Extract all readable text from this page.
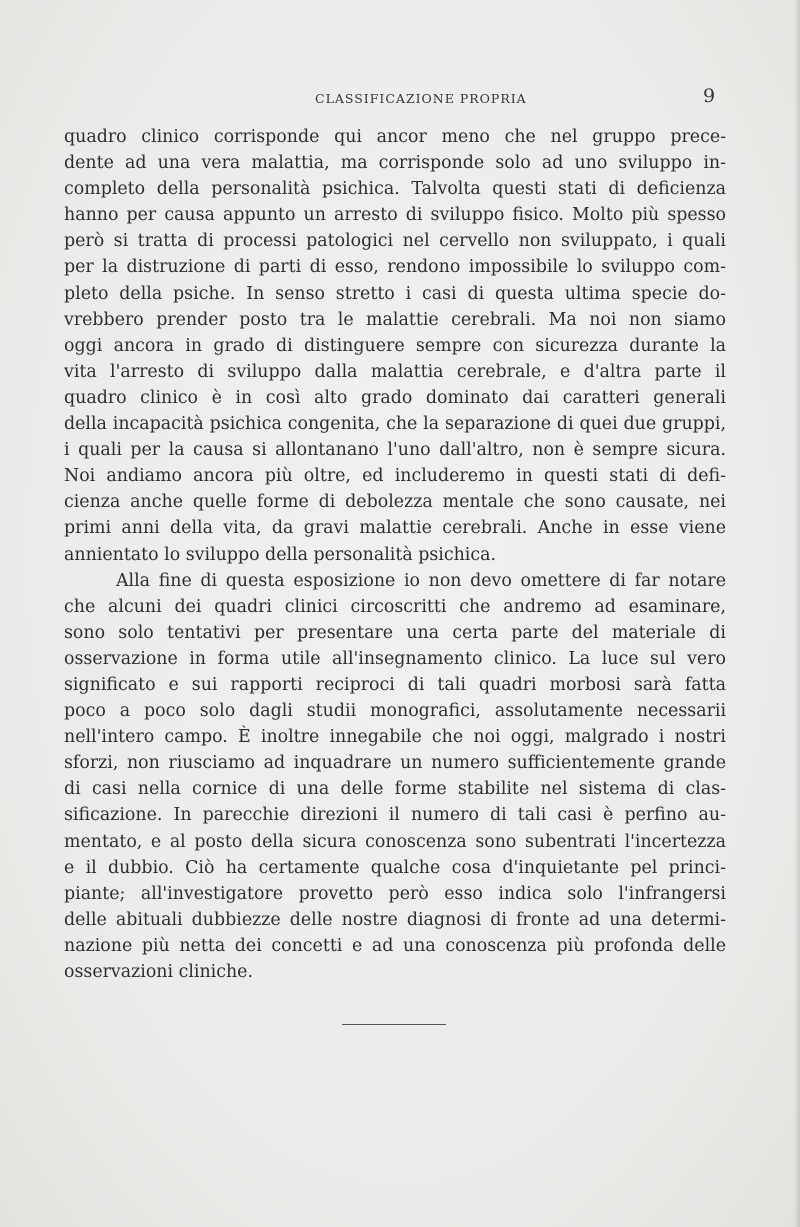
CLASSIFICAZIONE PROPRIA	9
quadro clinico corrisponde qui ancor meno che nel gruppo prece-
dente ad una vera malattia, ma corrisponde solo ad uno sviluppo in-
completo della personalità psichica. Talvolta questi stati di deficienza
hanno per causa appunto un arresto di sviluppo fisico. Molto più spesso
però si tratta di processi patologici nel cervello non sviluppato, i quali
per la distruzione di parti di esso, rendono impossibile lo sviluppo com-
pleto della psiche. In senso stretto i casi di questa ultima specie do-
vrebbero prender posto tra le malattie cerebrali. Ma noi non siamo
oggi ancora in grado di distinguere sempre con sicurezza durante la
vita l'arresto di sviluppo dalla malattia cerebrale, e d'altra parte il
quadro clinico è in così alto grado dominato dai caratteri generali
della incapacità psichica congenita, che la separazione di quei due gruppi,
i quali per la causa si allontanano l'uno dall'altro, non è sempre sicura.
Noi andiamo ancora più oltre, ed includeremo in questi stati di defi-
cienza anche quelle forme di debolezza mentale che sono causate, nei
primi anni della vita, da gravi malattie cerebrali. Anche in esse viene
annientato lo sviluppo della personalità psichica.
Alla fine di questa esposizione io non devo omettere di far notare
che alcuni dei quadri clinici circoscritti che andremo ad esaminare,
sono solo tentativi per presentare una certa parte del materiale di
osservazione in forma utile all'insegnamento clinico. La luce sul vero
significato e sui rapporti reciproci di tali quadri morbosi sarà fatta
poco a poco solo dagli studii monografici, assolutamente necessarii
nell'intero campo. È inoltre innegabile che noi oggi, malgrado i nostri
sforzi, non riusciamo ad inquadrare un numero sufficientemente grande
di casi nella cornice di una delle forme stabilite nel sistema di clas-
sificazione. In parecchie direzioni il numero di tali casi è perfino au-
mentato, e al posto della sicura conoscenza sono subentrati l'incertezza
e il dubbio. Ciò ha certamente qualche cosa d'inquietante pel princi-
piante; all'investigatore provetto però esso indica solo l'infrangersi
delle abituali dubbiezze delle nostre diagnosi di fronte ad una determi-
nazione più netta dei concetti e ad una conoscenza più profonda delle
osservazioni cliniche.
